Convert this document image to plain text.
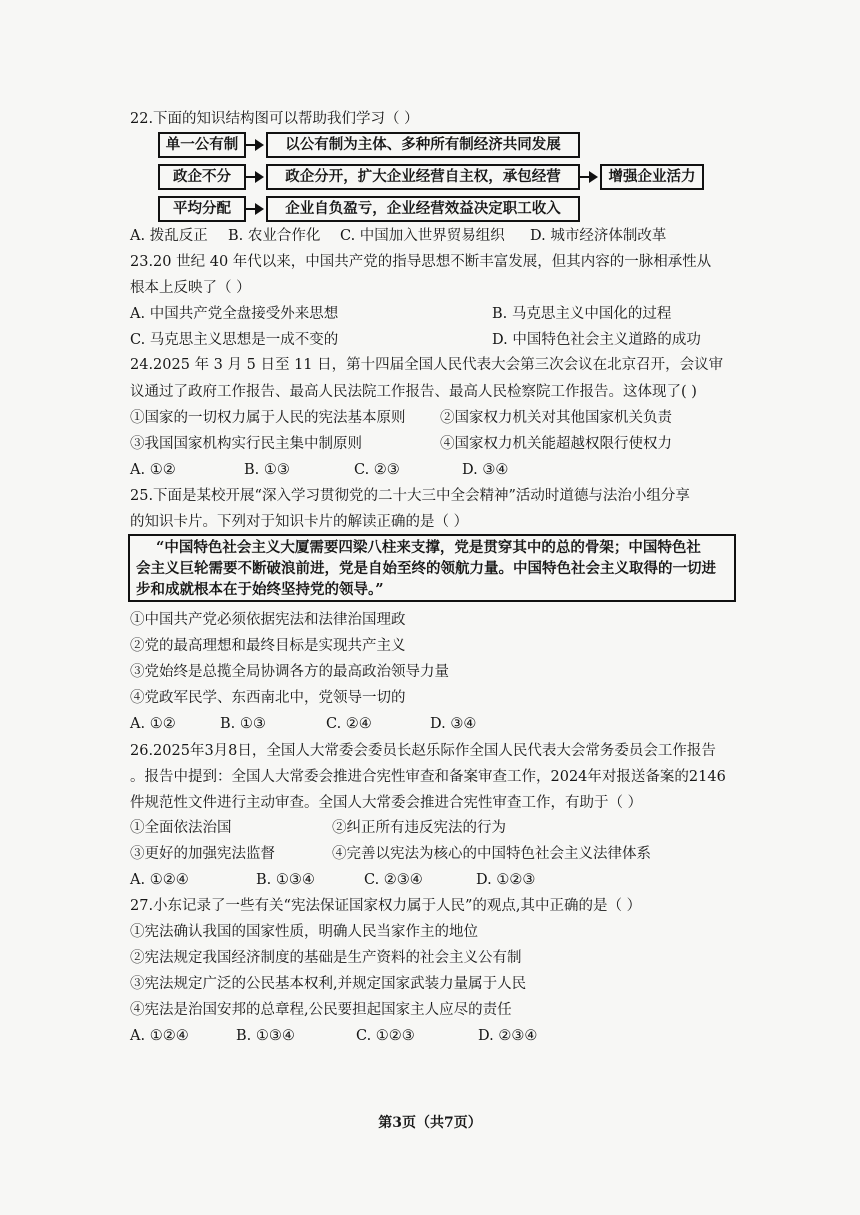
22.下面的知识结构图可以帮助我们学习（ ）
单一公有制	以公有制为主体、多种所有制经济共同发展
政企不分	政企分开，扩大企业经营自主权，承包经营	增强企业活力
平均分配	企业自负盈亏，企业经营效益决定职工收入
A. 拨乱反正 B. 农业合作化 C. 中国加入世界贸易组织 D. 城市经济体制改革
23.20 世纪 40 年代以来，中国共产党的指导思想不断丰富发展，但其内容的一脉相承性从
根本上反映了（ ）
A. 中国共产党全盘接受外来思想	B. 马克思主义中国化的过程
C. 马克思主义思想是一成不变的	D. 中国特色社会主义道路的成功
24.2025 年 3 月 5 日至 11 日，第十四届全国人民代表大会第三次会议在北京召开，会议审
议通过了政府工作报告、最高人民法院工作报告、最高人民检察院工作报告。这体现了( )
①国家的一切权力属于人民的宪法基本原则 ②国家权力机关对其他国家机关负责
③我国国家机构实行民主集中制原则	④国家权力机关能超越权限行使权力
A. ①②	B. ①③	C. ②③	D. ③④
25.下面是某校开展“深入学习贯彻党的二十大三中全会精神”活动时道德与法治小组分享
的知识卡片。下列对于知识卡片的解读正确的是（ ）
“中国特色社会主义大厦需要四梁八柱来支撑，党是贯穿其中的总的骨架；中国特色社
会主义巨轮需要不断破浪前进，党是自始至终的领航力量。中国特色社会主义取得的一切进
步和成就根本在于始终坚持党的领导。”
①中国共产党必须依据宪法和法律治国理政
②党的最高理想和最终目标是实现共产主义
③党始终是总揽全局协调各方的最高政治领导力量
④党政军民学、东西南北中，党领导一切的
A. ①②	B. ①③	C. ②④	D. ③④
26.2025年3月8日，全国人大常委会委员长赵乐际作全国人民代表大会常务委员会工作报告
。报告中提到：全国人大常委会推进合宪性审查和备案审查工作，2024年对报送备案的2146
件规范性文件进行主动审查。全国人大常委会推进合宪性审查工作，有助于（ ）
①全面依法治国	②纠正所有违反宪法的行为
③更好的加强宪法监督	④完善以宪法为核心的中国特色社会主义法律体系
A. ①②④	B. ①③④	C. ②③④	D. ①②③
27.小东记录了一些有关“宪法保证国家权力属于人民”的观点,其中正确的是（ ）
①宪法确认我国的国家性质，明确人民当家作主的地位
②宪法规定我国经济制度的基础是生产资料的社会主义公有制
③宪法规定广泛的公民基本权利,并规定国家武装力量属于人民
④宪法是治国安邦的总章程,公民要担起国家主人应尽的责任
A. ①②④	B. ①③④	C. ①②③	D. ②③④
第3页（共7页）
